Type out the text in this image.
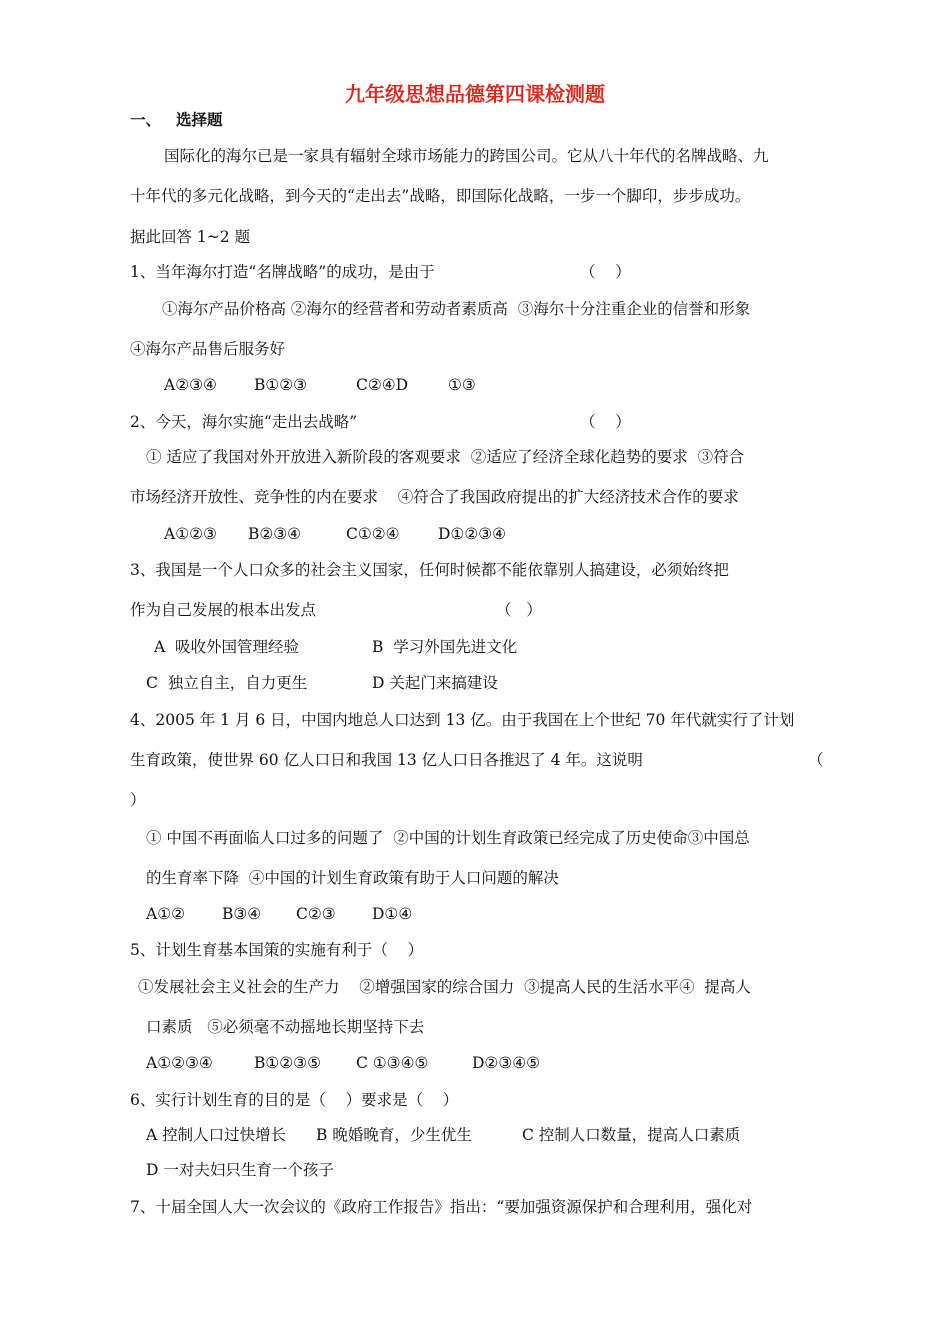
九年级思想品德第四课检测题
一、 选择题
国际化的海尔已是一家具有辐射全球市场能力的跨国公司。它从八十年代的名牌战略、九
十年代的多元化战略，到今天的“走出去”战略，即国际化战略，一步一个脚印，步步成功。
据此回答 1~2 题
1、当年海尔打造“名牌战略”的成功，是由于	（    ）
①海尔产品价格高 ②海尔的经营者和劳动者素质高  ③海尔十分注重企业的信誉和形象
④海尔产品售后服务好
A②③④ B①②③	C②④D	①③
2、今天，海尔实施“走出去战略”	（    ）
① 适应了我国对外开放进入新阶段的客观要求  ②适应了经济全球化趋势的要求  ③符合
市场经济开放性、竞争性的内在要求    ④符合了我国政府提出的扩大经济技术合作的要求
A①②③ B②③④	C①②④ D①②③④
3、我国是一个人口众多的社会主义国家，任何时候都不能依靠别人搞建设，必须始终把
作为自己发展的根本出发点	（   ）
A  吸收外国管理经验	B  学习外国先进文化
C  独立自主，自力更生	D 关起门来搞建设
4、2005 年 1 月 6 日，中国内地总人口达到 13 亿。由于我国在上个世纪 70 年代就实行了计划
生育政策，使世界 60 亿人口日和我国 13 亿人口日各推迟了 4 年。这说明	（
）
① 中国不再面临人口过多的问题了  ②中国的计划生育政策已经完成了历史使命③中国总
的生育率下降  ④中国的计划生育政策有助于人口问题的解决
A①② B③④ C②③ D①④
5、计划生育基本国策的实施有利于（    ）
①发展社会主义社会的生产力    ②增强国家的综合国力  ③提高人民的生活水平④  提高人
口素质   ⑤必须毫不动摇地长期坚持下去
A①②③④	B①②③⑤ C ①③④⑤	D②③④⑤
6、实行计划生育的目的是（    ）要求是（    ）
A 控制人口过快增长 B 晚婚晚育，少生优生	C 控制人口数量，提高人口素质
D 一对夫妇只生育一个孩子
7、十届全国人大一次会议的《政府工作报告》指出：“要加强资源保护和合理利用，强化对
